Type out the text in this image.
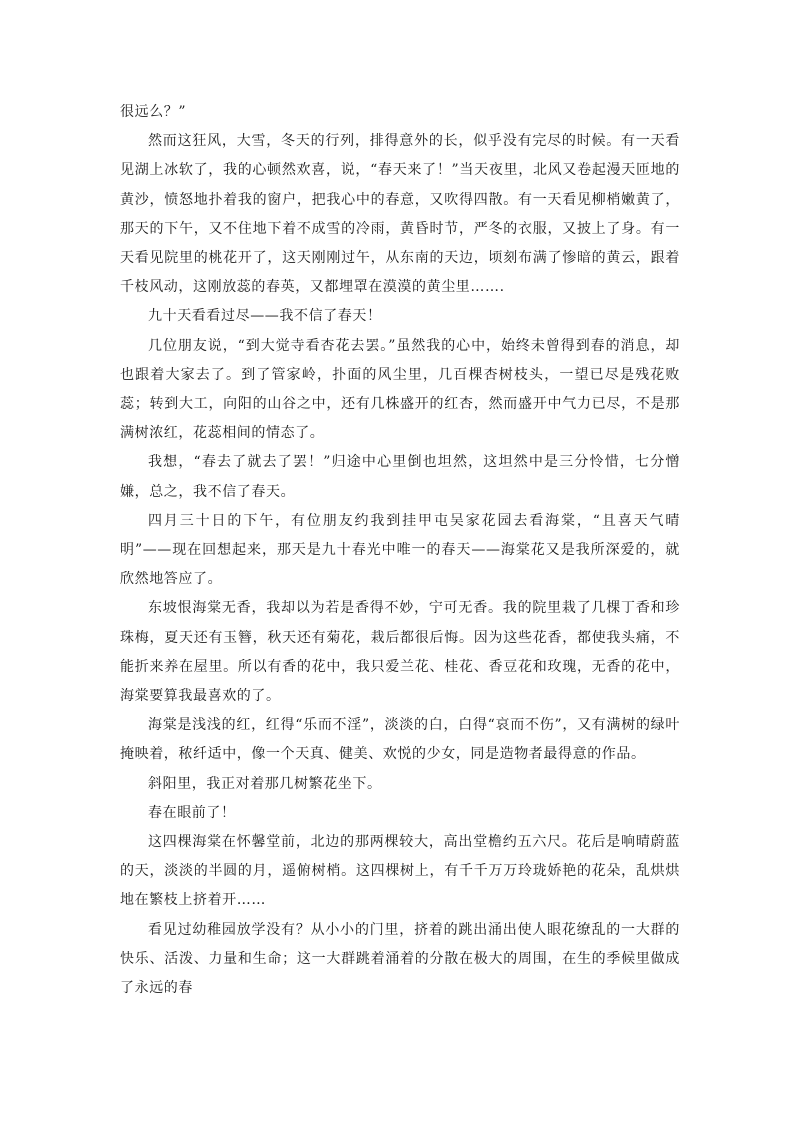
很远么？”

然而这狂风，大雪，冬天的行列，排得意外的长，似乎没有完尽的时候。有一天看见湖上冰软了，我的心顿然欢喜，说，“春天来了！”当天夜里，北风又卷起漫天匝地的黄沙，愤怒地扑着我的窗户，把我心中的春意，又吹得四散。有一天看见柳梢嫩黄了，那天的下午，又不住地下着不成雪的冷雨，黄昏时节，严冬的衣服，又披上了身。有一天看见院里的桃花开了，这天刚刚过午，从东南的天边，顷刻布满了惨暗的黄云，跟着千枝风动，这刚放蕊的春英，又都埋罩在漠漠的黄尘里…….

九十天看看过尽——我不信了春天！

几位朋友说，“到大觉寺看杏花去罢。”虽然我的心中，始终未曾得到春的消息，却也跟着大家去了。到了管家岭，扑面的风尘里，几百棵杏树枝头，一望已尽是残花败蕊；转到大工，向阳的山谷之中，还有几株盛开的红杏，然而盛开中气力已尽，不是那满树浓红，花蕊相间的情态了。

我想，“春去了就去了罢！”归途中心里倒也坦然，这坦然中是三分怜惜，七分憎嫌，总之，我不信了春天。

四月三十日的下午，有位朋友约我到挂甲屯吴家花园去看海棠，“且喜天气晴明”——现在回想起来，那天是九十春光中唯一的春天——海棠花又是我所深爱的，就欣然地答应了。

东坡恨海棠无香，我却以为若是香得不妙，宁可无香。我的院里栽了几棵丁香和珍珠梅，夏天还有玉簪，秋天还有菊花，栽后都很后悔。因为这些花香，都使我头痛，不能折来养在屋里。所以有香的花中，我只爱兰花、桂花、香豆花和玫瑰，无香的花中，海棠要算我最喜欢的了。

海棠是浅浅的红，红得“乐而不淫”，淡淡的白，白得“哀而不伤”，又有满树的绿叶掩映着，秾纤适中，像一个天真、健美、欢悦的少女，同是造物者最得意的作品。

斜阳里，我正对着那几树繁花坐下。

春在眼前了！

这四棵海棠在怀馨堂前，北边的那两棵较大，高出堂檐约五六尺。花后是响晴蔚蓝的天，淡淡的半圆的月，遥俯树梢。这四棵树上，有千千万万玲珑娇艳的花朵，乱烘烘地在繁枝上挤着开……

看见过幼稚园放学没有？从小小的门里，挤着的跳出涌出使人眼花缭乱的一大群的快乐、活泼、力量和生命；这一大群跳着涌着的分散在极大的周围，在生的季候里做成了永远的春
